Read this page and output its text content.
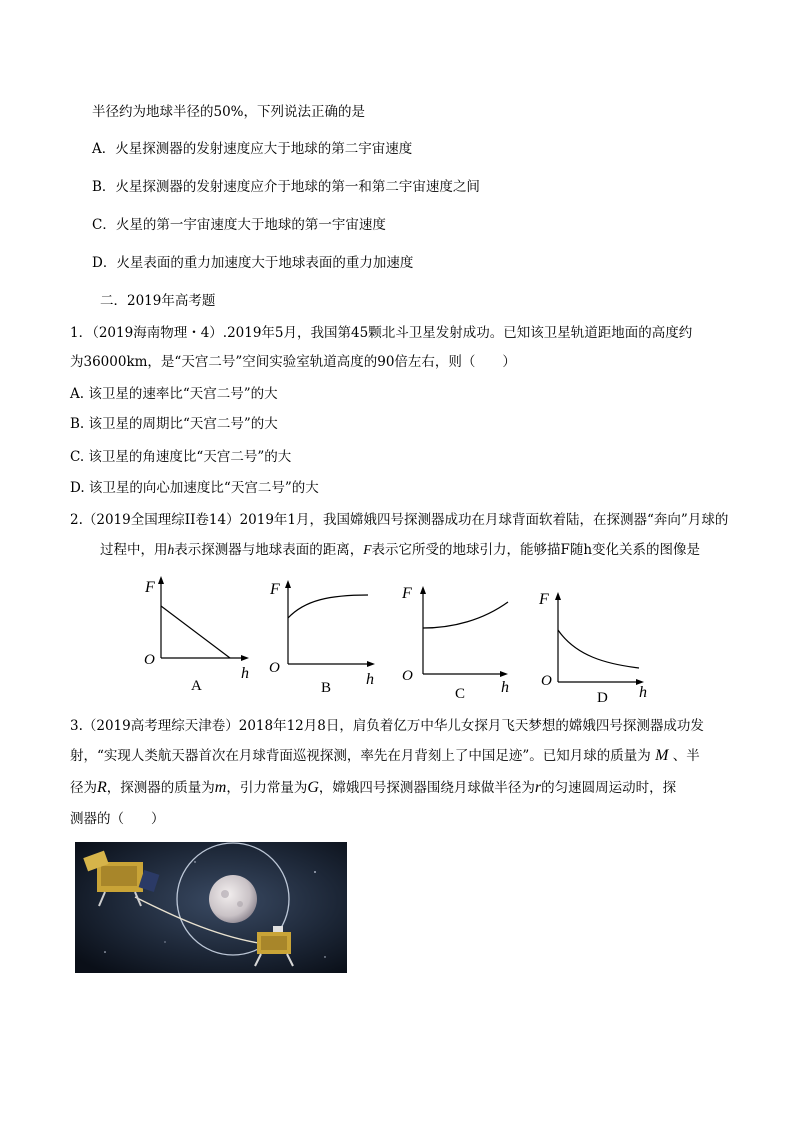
半径约为地球半径的50%，下列说法正确的是
A．火星探测器的发射速度应大于地球的第二宇宙速度
B．火星探测器的发射速度应介于地球的第一和第二宇宙速度之间
C．火星的第一宇宙速度大于地球的第一宇宙速度
D．火星表面的重力加速度大于地球表面的重力加速度
二．2019年高考题
1．（2019海南物理・4）.2019年5月，我国第45颗北斗卫星发射成功。已知该卫星轨道距地面的高度约
为36000km，是“天宫二号”空间实验室轨道高度的90倍左右，则（　　）
A. 该卫星的速率比“天宫二号”的大
B. 该卫星的周期比“天宫二号”的大
C. 该卫星的角速度比“天宫二号”的大
D. 该卫星的向心加速度比“天宫二号”的大
2.（2019全国理综II卷14）2019年1月，我国嫦娥四号探测器成功在月球背面软着陆，在探测器“奔向”月球的
过程中，用h表示探测器与地球表面的距离，F表示它所受的地球引力，能够描F随h变化关系的图像是
F
O
h
A
F
O
h
B
F
O
h
C
F
O
h
D
3.（2019高考理综天津卷）2018年12月8日，肩负着亿万中华儿女探月飞天梦想的嫦娥四号探测器成功发
射，“实现人类航天器首次在月球背面巡视探测，率先在月背刻上了中国足迹”。已知月球的质量为 M 、半
径为R，探测器的质量为m，引力常量为G，嫦娥四号探测器围绕月球做半径为r的匀速圆周运动时，探
测器的（　　）
